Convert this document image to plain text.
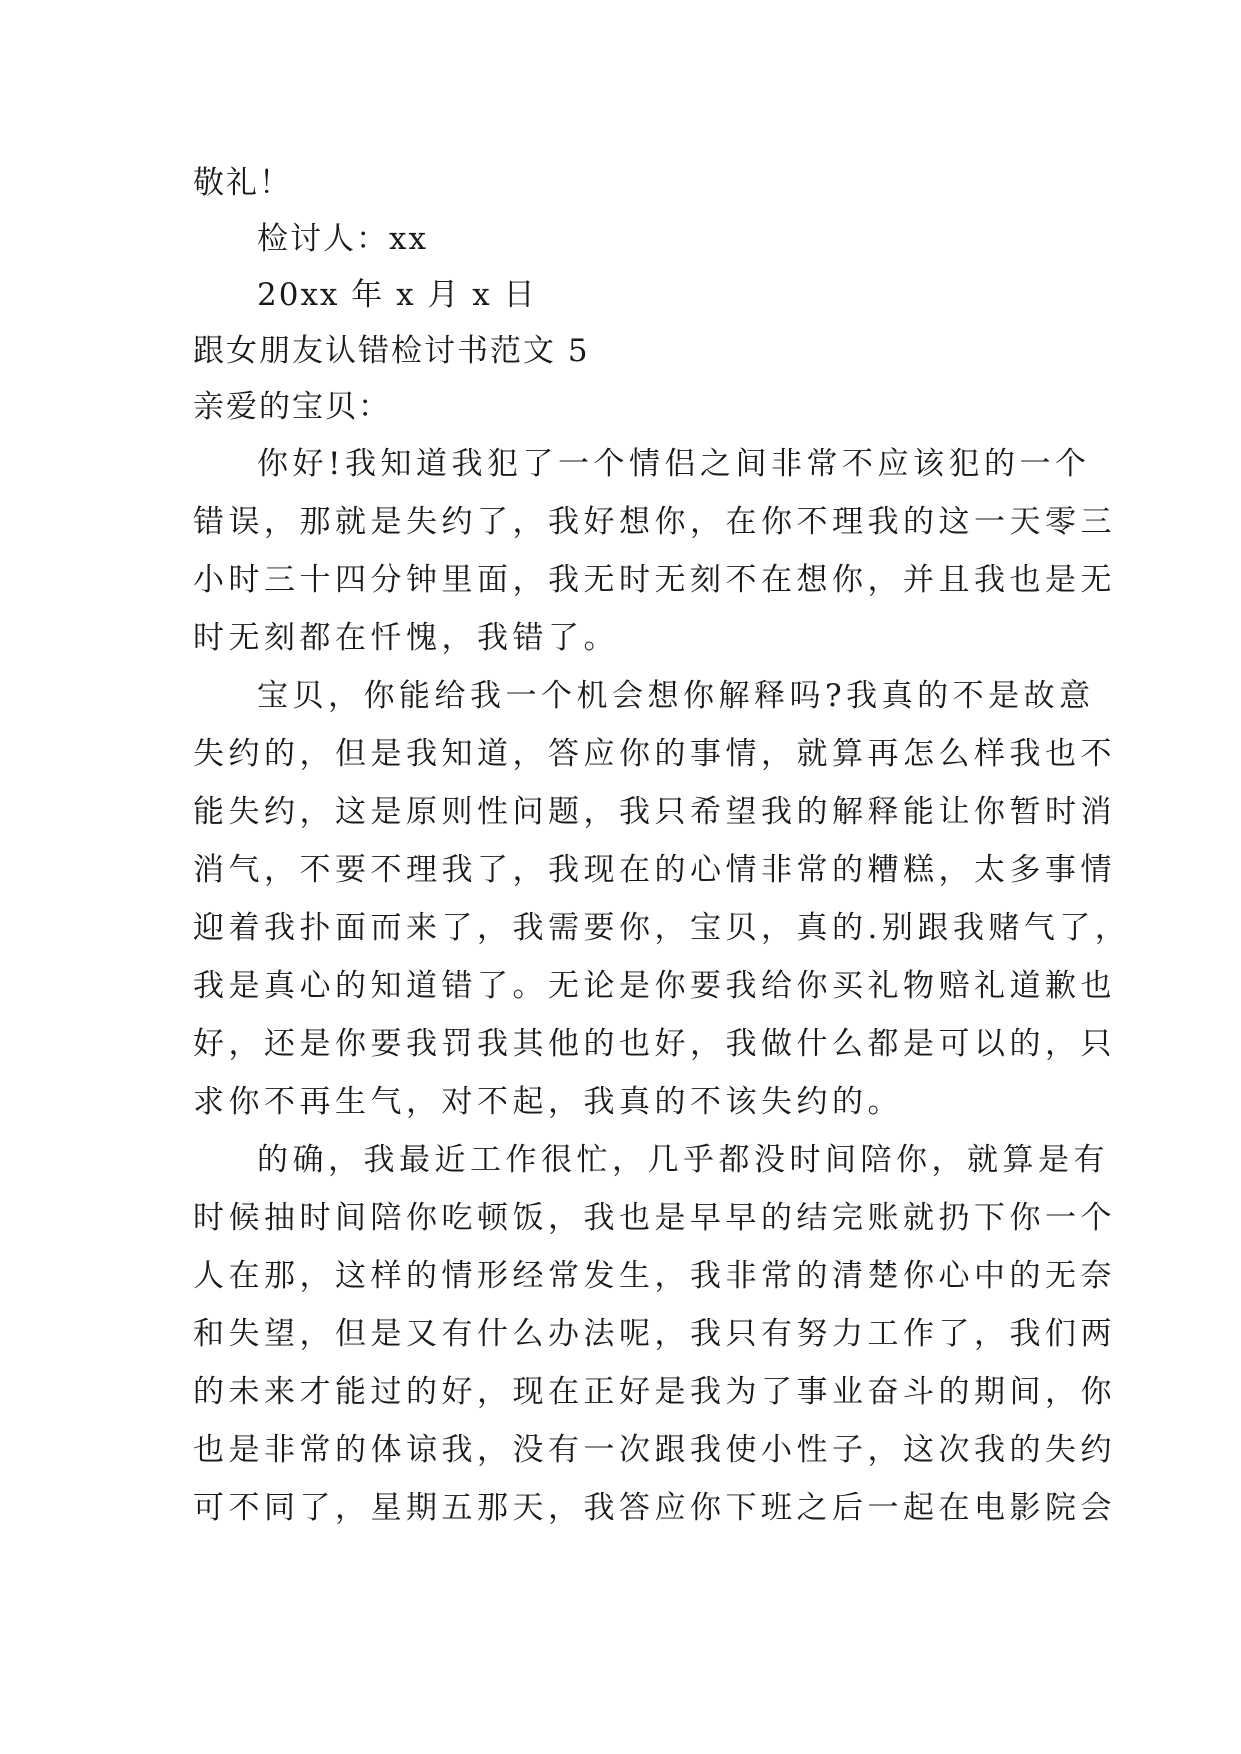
敬礼！
检讨人：xx
20xx 年 x 月 x 日
跟女朋友认错检讨书范文 5
亲爱的宝贝：
你好!我知道我犯了一个情侣之间非常不应该犯的一个
错误，那就是失约了，我好想你，在你不理我的这一天零三
小时三十四分钟里面，我无时无刻不在想你，并且我也是无
时无刻都在忏愧，我错了。
宝贝，你能给我一个机会想你解释吗?我真的不是故意
失约的，但是我知道，答应你的事情，就算再怎么样我也不
能失约，这是原则性问题，我只希望我的解释能让你暂时消
消气，不要不理我了，我现在的心情非常的糟糕，太多事情
迎着我扑面而来了，我需要你，宝贝，真的.别跟我赌气了，
我是真心的知道错了。无论是你要我给你买礼物赔礼道歉也
好，还是你要我罚我其他的也好，我做什么都是可以的，只
求你不再生气，对不起，我真的不该失约的。
的确，我最近工作很忙，几乎都没时间陪你，就算是有
时候抽时间陪你吃顿饭，我也是早早的结完账就扔下你一个
人在那，这样的情形经常发生，我非常的清楚你心中的无奈
和失望，但是又有什么办法呢，我只有努力工作了，我们两
的未来才能过的好，现在正好是我为了事业奋斗的期间，你
也是非常的体谅我，没有一次跟我使小性子，这次我的失约
可不同了，星期五那天，我答应你下班之后一起在电影院会
